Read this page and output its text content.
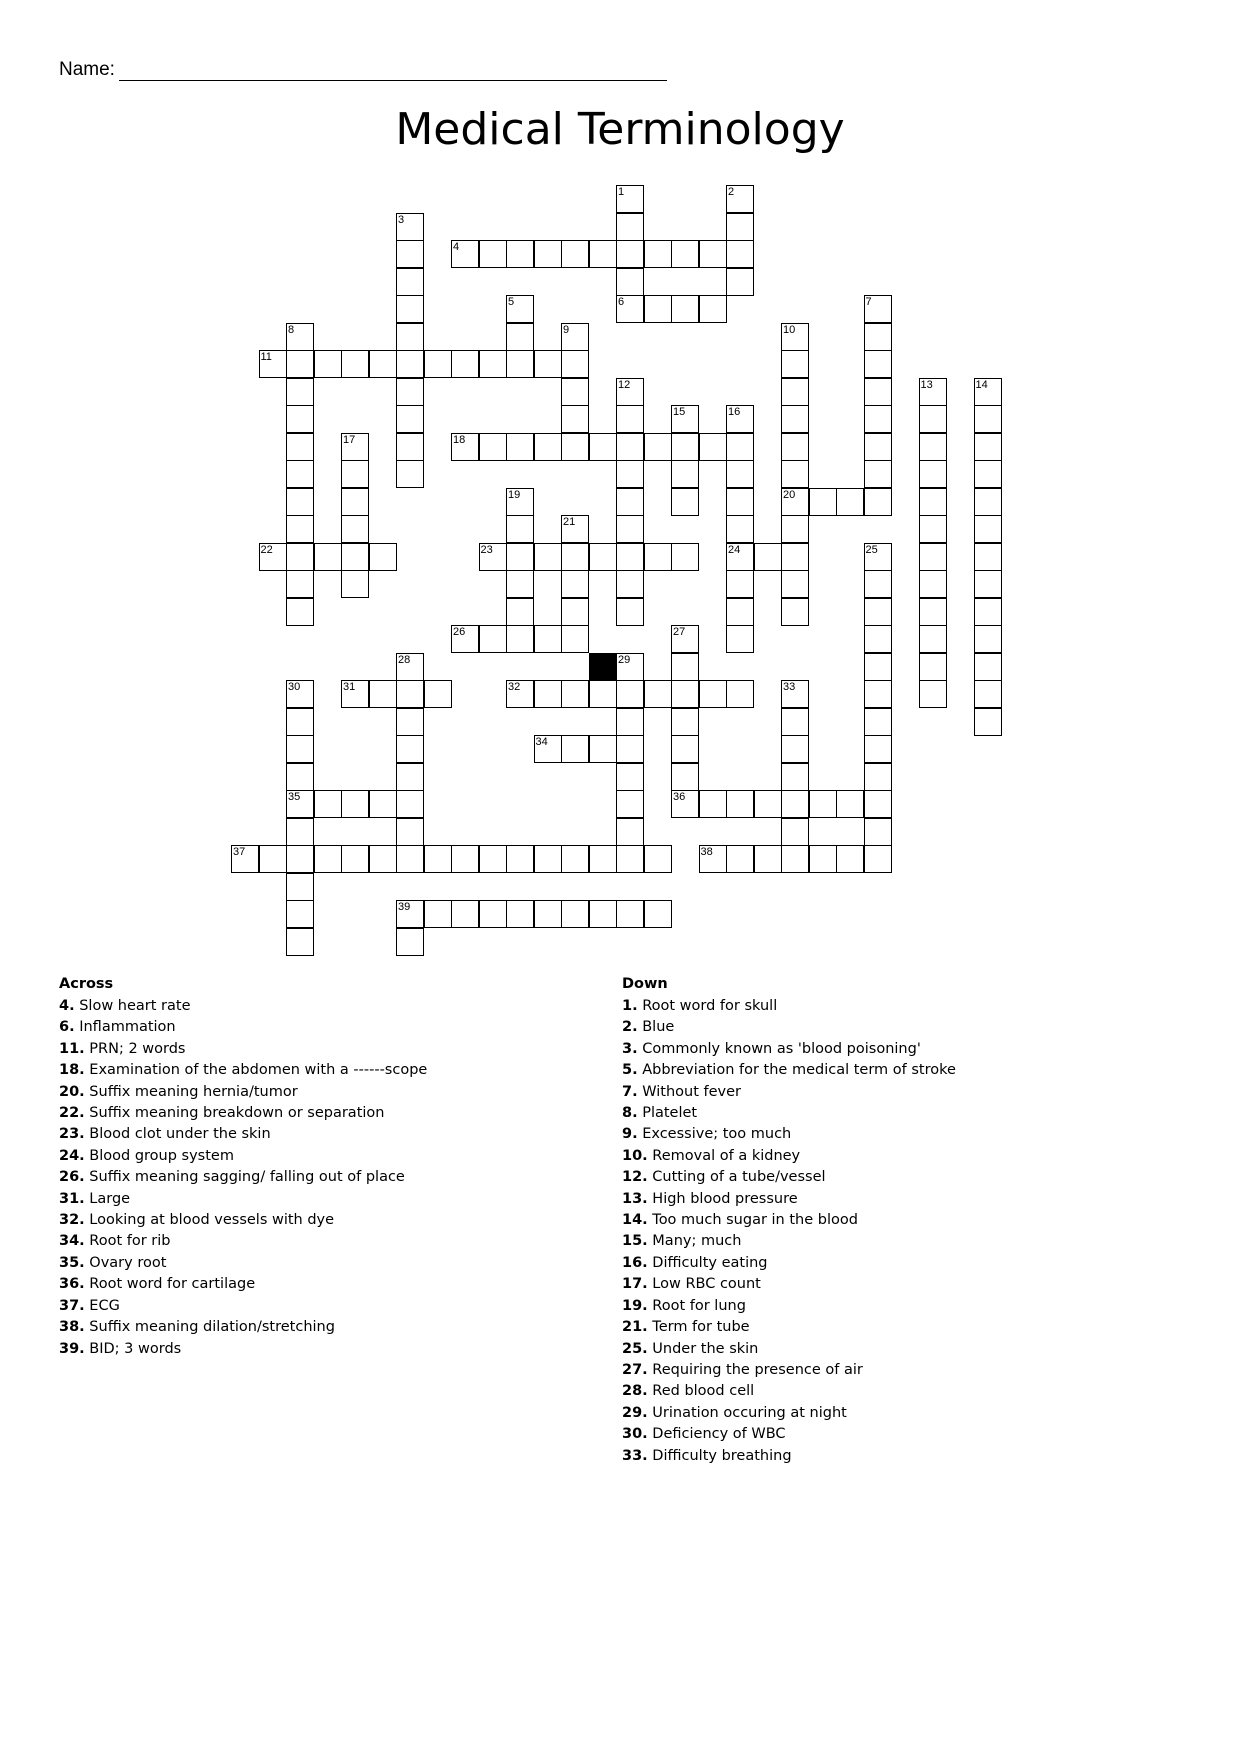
Name:
Medical Terminology
1	2
3
4
5	6	7
8	9	10
11
12	13	14
15	16
17	18
19	20
21
22	23	24	25
26	27
28	29
30	31	32	33
34
35	36
37	38
39
Across
4. Slow heart rate
6. Inflammation
11. PRN; 2 words
18. Examination of the abdomen with a ------scope
20. Suffix meaning hernia/tumor
22. Suffix meaning breakdown or separation
23. Blood clot under the skin
24. Blood group system
26. Suffix meaning sagging/ falling out of place
31. Large
32. Looking at blood vessels with dye
34. Root for rib
35. Ovary root
36. Root word for cartilage
37. ECG
38. Suffix meaning dilation/stretching
39. BID; 3 words
Down
1. Root word for skull
2. Blue
3. Commonly known as 'blood poisoning'
5. Abbreviation for the medical term of stroke
7. Without fever
8. Platelet
9. Excessive; too much
10. Removal of a kidney
12. Cutting of a tube/vessel
13. High blood pressure
14. Too much sugar in the blood
15. Many; much
16. Difficulty eating
17. Low RBC count
19. Root for lung
21. Term for tube
25. Under the skin
27. Requiring the presence of air
28. Red blood cell
29. Urination occuring at night
30. Deficiency of WBC
33. Difficulty breathing
